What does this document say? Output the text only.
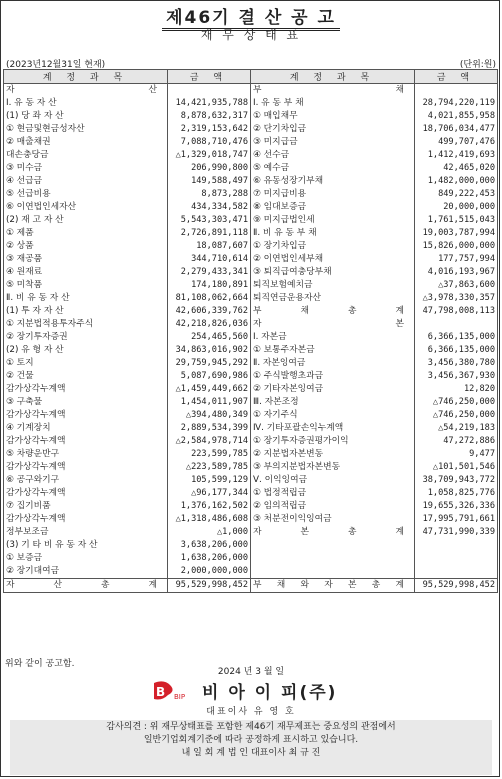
제46기 결 산 공 고
재 무 상 태 표
(2023년12월31일 현재)	(단위:원)
계 정 과 목	금 액	계 정 과 목	금 액
자 산		부 채	
Ⅰ. 유 동 자 산	14,421,935,788	Ⅰ. 유 동 부 채	28,794,220,119
(1) 당 좌 자 산	8,878,632,317	① 매입채무	4,021,855,958
① 현금및현금성자산	2,319,153,642	② 단기차입금	18,706,034,477
② 매출채권	7,088,710,476	③ 미지급금	499,707,476
대손충당금	△1,329,018,747	④ 선수금	1,412,419,693
③ 미수금	206,990,800	⑤ 예수금	42,465,020
④ 선급금	149,588,497	⑥ 유동성장기부채	1,482,000,000
⑤ 선급비용	8,873,288	⑦ 미지급비용	849,222,453
⑥ 이연법인세자산	434,334,582	⑧ 임대보증금	20,000,000
(2) 재 고 자 산	5,543,303,471	⑨ 미지급법인세	1,761,515,043
① 제품	2,726,891,118	Ⅱ. 비 유 동 부 채	19,003,787,994
② 상품	18,087,607	① 장기차입금	15,826,000,000
③ 재공품	344,710,614	② 이연법인세부채	177,757,994
④ 원재료	2,279,433,341	③ 퇴직급여충당부채	4,016,193,967
⑤ 미착품	174,180,891	퇴직보험예치금	△37,863,600
Ⅱ. 비 유 동 자 산	81,108,062,664	퇴직연금운용자산	△3,978,330,357
(1) 투 자 자 산	42,606,339,762	부 채 총 계	47,798,008,113
① 지분법적용투자주식	42,218,826,036	자 본	
② 장기투자증권	254,465,560	Ⅰ. 자본금	6,366,135,000
(2) 유 형 자 산	34,863,016,902	① 보통주자본금	6,366,135,000
① 토지	29,759,945,292	Ⅱ. 자본잉여금	3,456,380,780
② 건물	5,087,690,986	① 주식발행초과금	3,456,367,930
감가상각누계액	△1,459,449,662	② 기타자본잉여금	12,820
③ 구축물	1,454,011,907	Ⅲ. 자본조정	△746,250,000
감가상각누계액	△394,480,349	① 자기주식	△746,250,000
④ 기계장치	2,889,534,399	Ⅳ. 기타포괄손익누계액	△54,219,183
감가상각누계액	△2,584,978,714	① 장기투자증권평가이익	47,272,886
⑤ 차량운반구	223,599,785	② 지분법자본변동	9,477
감가상각누계액	△223,589,785	③ 부의지분법자본변동	△101,501,546
⑥ 공구와기구	105,599,129	Ⅴ. 이익잉여금	38,709,943,772
감가상각누계액	△96,177,344	① 법정적립금	1,058,825,776
⑦ 집기비품	1,376,162,502	② 임의적립금	19,655,326,336
감가상각누계액	△1,318,486,608	③ 처분전이익잉여금	17,995,791,661
정부보조금	△1,000	자 본 총 계	47,731,990,339
(3) 기 타 비 유 동 자 산	3,638,206,000		
① 보증금	1,638,206,000		
② 장기대여금	2,000,000,000		
자 산 총 계	95,529,998,452	부 채 와 자 본 총 계	95,529,998,452
위와 같이 공고함.
2024 년 3 월 일
B BIP 비 아 이 피(주)
대표이사 유 영 호
감사의견 : 위 재무상태표를 포함한 제46기 재무제표는 중요성의 관점에서
일반기업회계기준에 따라 공정하게 표시하고 있습니다.
내 일 회 계 법 인 대표이사 최 규 진
